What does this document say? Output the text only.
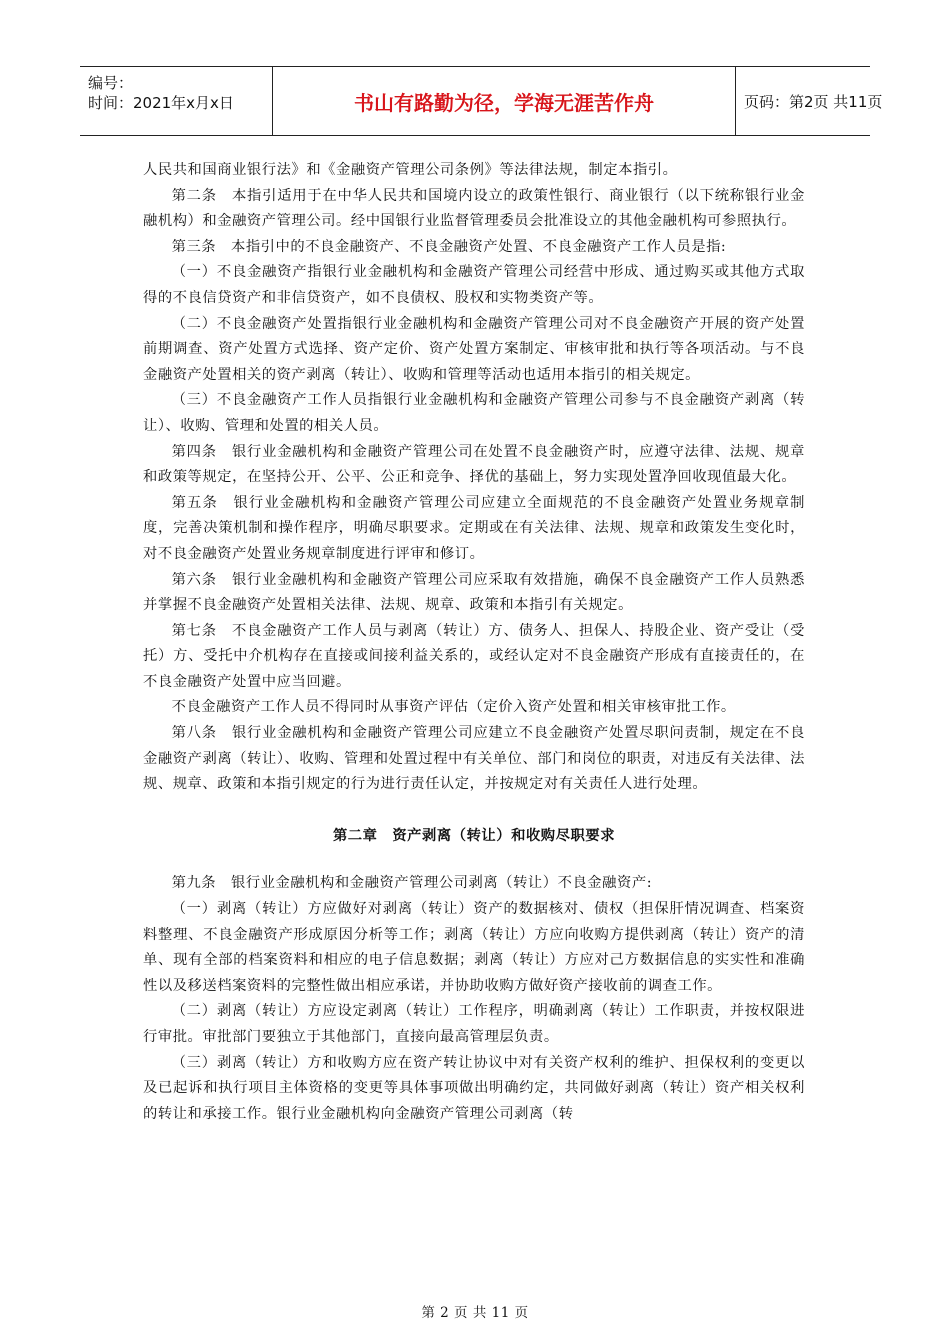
编号：
时间：2021年x月x日	书山有路勤为径，学海无涯苦作舟	页码：第2页 共11页

人民共和国商业银行法》和《金融资产管理公司条例》等法律法规，制定本指引。

第二条　本指引适用于在中华人民共和国境内设立的政策性银行、商业银行（以下统称银行业金融机构）和金融资产管理公司。经中国银行业监督管理委员会批准设立的其他金融机构可参照执行。

第三条　本指引中的不良金融资产、不良金融资产处置、不良金融资产工作人员是指:

（一）不良金融资产指银行业金融机构和金融资产管理公司经营中形成、通过购买或其他方式取得的不良信贷资产和非信贷资产，如不良债权、股权和实物类资产等。

（二）不良金融资产处置指银行业金融机构和金融资产管理公司对不良金融资产开展的资产处置前期调查、资产处置方式选择、资产定价、资产处置方案制定、审核审批和执行等各项活动。与不良金融资产处置相关的资产剥离（转让）、收购和管理等活动也适用本指引的相关规定。

（三）不良金融资产工作人员指银行业金融机构和金融资产管理公司参与不良金融资产剥离（转让）、收购、管理和处置的相关人员。

第四条　银行业金融机构和金融资产管理公司在处置不良金融资产时，应遵守法律、法规、规章和政策等规定，在坚持公开、公平、公正和竞争、择优的基础上，努力实现处置净回收现值最大化。

第五条　银行业金融机构和金融资产管理公司应建立全面规范的不良金融资产处置业务规章制度，完善决策机制和操作程序，明确尽职要求。定期或在有关法律、法规、规章和政策发生变化时，对不良金融资产处置业务规章制度进行评审和修订。

第六条　银行业金融机构和金融资产管理公司应采取有效措施，确保不良金融资产工作人员熟悉并掌握不良金融资产处置相关法律、法规、规章、政策和本指引有关规定。

第七条　不良金融资产工作人员与剥离（转让）方、债务人、担保人、持股企业、资产受让（受托）方、受托中介机构存在直接或间接利益关系的，或经认定对不良金融资产形成有直接责任的，在不良金融资产处置中应当回避。

不良金融资产工作人员不得同时从事资产评估（定价入资产处置和相关审核审批工作。

第八条　银行业金融机构和金融资产管理公司应建立不良金融资产处置尽职问责制，规定在不良金融资产剥离（转让）、收购、管理和处置过程中有关单位、部门和岗位的职责，对违反有关法律、法规、规章、政策和本指引规定的行为进行责任认定，并按规定对有关责任人进行处理。

第二章　资产剥离（转让）和收购尽职要求

第九条　银行业金融机构和金融资产管理公司剥离（转让）不良金融资产:

（一）剥离（转让）方应做好对剥离（转让）资产的数据核对、债权（担保肝情况调查、档案资料整理、不良金融资产形成原因分析等工作；剥离（转让）方应向收购方提供剥离（转让）资产的清单、现有全部的档案资料和相应的电子信息数据；剥离（转让）方应对己方数据信息的实实性和准确性以及移送档案资料的完整性做出相应承诺，并协助收购方做好资产接收前的调查工作。

（二）剥离（转让）方应设定剥离（转让）工作程序，明确剥离（转让）工作职责，并按权限进行审批。审批部门要独立于其他部门，直接向最高管理层负责。

（三）剥离（转让）方和收购方应在资产转让协议中对有关资产权利的维护、担保权利的变更以及已起诉和执行项目主体资格的变更等具体事项做出明确约定，共同做好剥离（转让）资产相关权利的转让和承接工作。银行业金融机构向金融资产管理公司剥离（转

第 2 页 共 11 页
